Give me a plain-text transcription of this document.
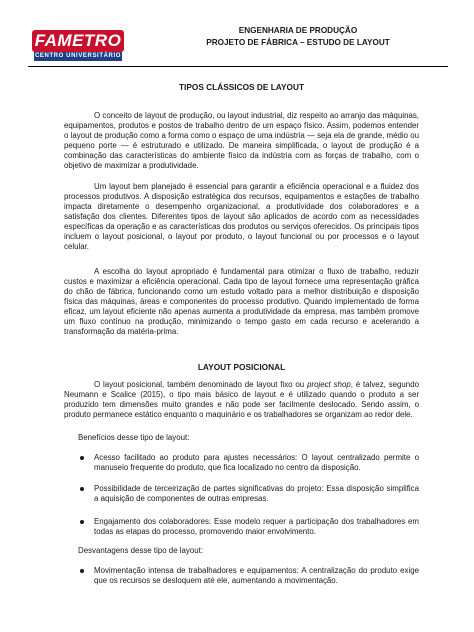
FAMETRO
CENTRO UNIVERSITÁRIO
ENGENHARIA DE PRODUÇÃO
PROJETO DE FÁBRICA – ESTUDO DE LAYOUT
TIPOS CLÁSSICOS DE LAYOUT

O conceito de layout de produção, ou layout industrial, diz respeito ao arranjo das máquinas, equipamentos, produtos e postos de trabalho dentro de um espaço físico. Assim, podemos entender o layout de produção como a forma como o espaço de uma indústria — seja ela de grande, médio ou pequeno porte — é estruturado e utilizado. De maneira simplificada, o layout de produção é a combinação das características do ambiente físico da indústria com as forças de trabalho, com o objetivo de maximizar a produtividade.

Um layout bem planejado é essencial para garantir a eficiência operacional e a fluidez dos processos produtivos. A disposição estratégica dos recursos, equipamentos e estações de trabalho impacta diretamente o desempenho organizacional, a produtividade dos colaboradores e a satisfação dos clientes. Diferentes tipos de layout são aplicados de acordo com as necessidades específicas da operação e as características dos produtos ou serviços oferecidos. Os principais tipos incluem o layout posicional, o layout por produto, o layout funcional ou por processos e o layout celular.

A escolha do layout apropriado é fundamental para otimizar o fluxo de trabalho, reduzir custos e maximizar a eficiência operacional. Cada tipo de layout fornece uma representação gráfica do chão de fábrica, funcionando como um estudo voltado para a melhor distribuição e disposição física das máquinas, áreas e componentes do processo produtivo. Quando implementado de forma eficaz, um layout eficiente não apenas aumenta a produtividade da empresa, mas também promove um fluxo contínuo na produção, minimizando o tempo gasto em cada recurso e acelerando a transformação da matéria-prima.

LAYOUT POSICIONAL

O layout posicional, também denominado de layout fixo ou project shop, é talvez, segundo Neumann e Scalice (2015), o tipo mais básico de layout e é utilizado quando o produto a ser produzido tem dimensões muito grandes e não pode ser facilmente deslocado. Sendo assim, o produto permanece estático enquanto o maquinário e os trabalhadores se organizam ao redor dele.

Benefícios desse tipo de layout:

Acesso facilitado ao produto para ajustes necessários: O layout centralizado permite o manuseio frequente do produto, que fica localizado no centro da disposição.

Possibilidade de terceirização de partes significativas do projeto: Essa disposição simplifica a aquisição de componentes de outras empresas.

Engajamento dos colaboradores: Esse modelo requer a participação dos trabalhadores em todas as etapas do processo, promovendo maior envolvimento.

Desvantagens desse tipo de layout:

Movimentação intensa de trabalhadores e equipamentos: A centralização do produto exige que os recursos se desloquem até ele, aumentando a movimentação.
